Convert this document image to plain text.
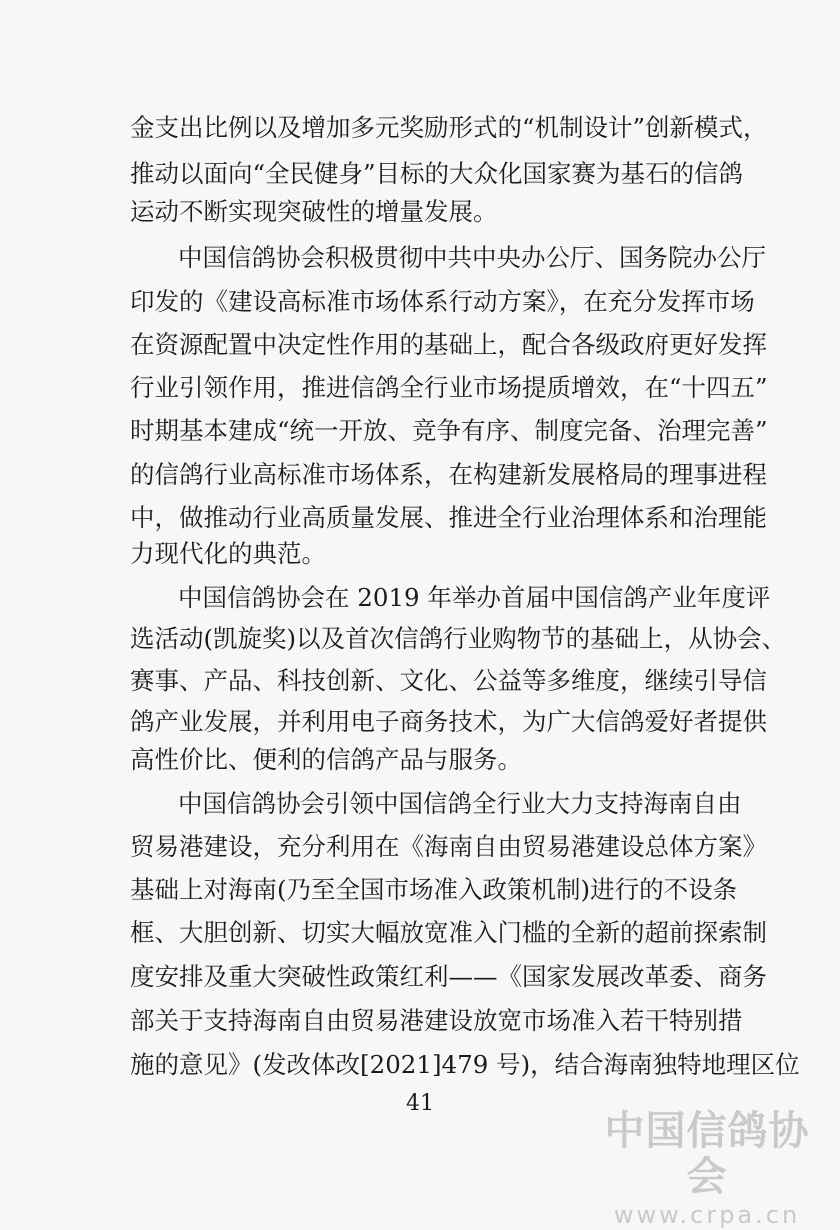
金支出比例以及增加多元奖励形式的“机制设计”创新模式，
推动以面向“全民健身”目标的大众化国家赛为基石的信鸽
运动不断实现突破性的增量发展。
中国信鸽协会积极贯彻中共中央办公厅、国务院办公厅
印发的《建设高标准市场体系行动方案》，在充分发挥市场
在资源配置中决定性作用的基础上，配合各级政府更好发挥
行业引领作用，推进信鸽全行业市场提质增效，在“十四五”
时期基本建成“统一开放、竞争有序、制度完备、治理完善”
的信鸽行业高标准市场体系，在构建新发展格局的理事进程
中，做推动行业高质量发展、推进全行业治理体系和治理能
力现代化的典范。
中国信鸽协会在 2019 年举办首届中国信鸽产业年度评
选活动(凯旋奖)以及首次信鸽行业购物节的基础上，从协会、
赛事、产品、科技创新、文化、公益等多维度，继续引导信
鸽产业发展，并利用电子商务技术，为广大信鸽爱好者提供
高性价比、便利的信鸽产品与服务。
中国信鸽协会引领中国信鸽全行业大力支持海南自由
贸易港建设，充分利用在《海南自由贸易港建设总体方案》
基础上对海南(乃至全国市场准入政策机制)进行的不设条
框、大胆创新、切实大幅放宽准入门槛的全新的超前探索制
度安排及重大突破性政策红利——《国家发展改革委、商务
部关于支持海南自由贸易港建设放宽市场准入若干特别措
施的意见》(发改体改[2021]479 号)，结合海南独特地理区位
41
中国信鸽协会
www.crpa.cn
